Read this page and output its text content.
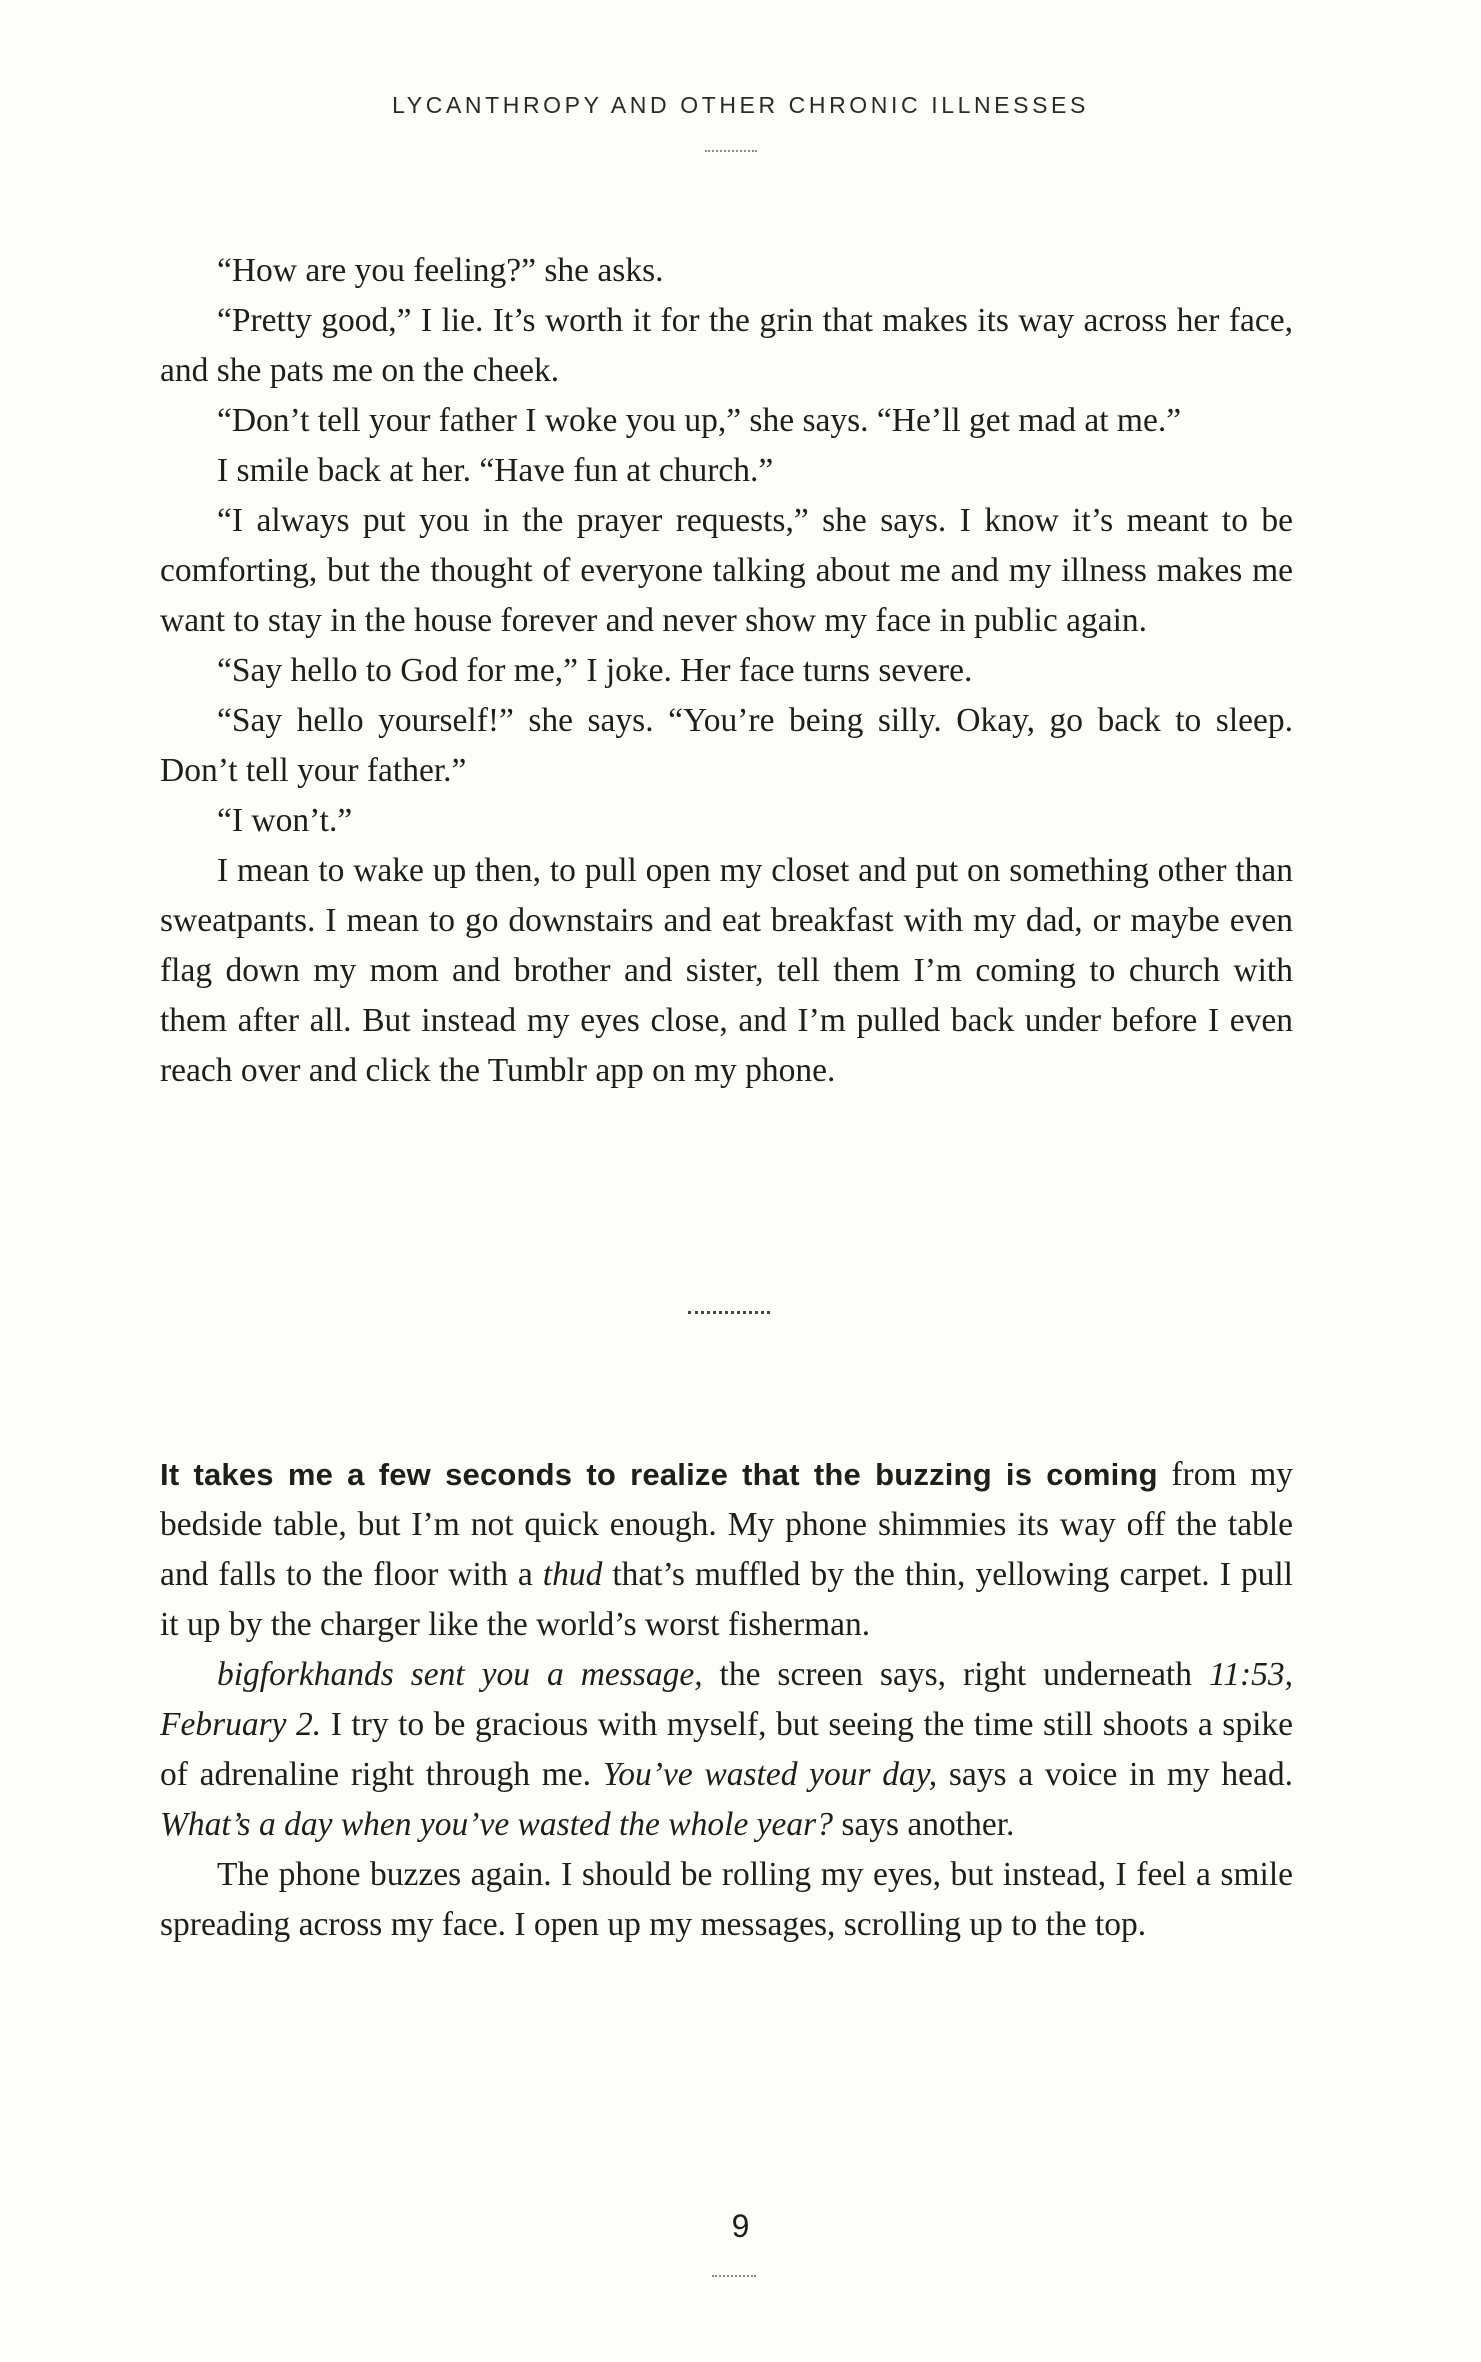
LYCANTHROPY AND OTHER CHRONIC ILLNESSES

“How are you feeling?” she asks.

“Pretty good,” I lie. It’s worth it for the grin that makes its way across her face, and she pats me on the cheek.

“Don’t tell your father I woke you up,” she says. “He’ll get mad at me.”

I smile back at her. “Have fun at church.”

“I always put you in the prayer requests,” she says. I know it’s meant to be comforting, but the thought of everyone talking about me and my illness makes me want to stay in the house forever and never show my face in public again.

“Say hello to God for me,” I joke. Her face turns severe.

“Say hello yourself!” she says. “You’re being silly. Okay, go back to sleep. Don’t tell your father.”

“I won’t.”

I mean to wake up then, to pull open my closet and put on something other than sweatpants. I mean to go downstairs and eat breakfast with my dad, or maybe even flag down my mom and brother and sister, tell them I’m coming to church with them after all. But instead my eyes close, and I’m pulled back under before I even reach over and click the Tumblr app on my phone.

It takes me a few seconds to realize that the buzzing is coming from my bedside table, but I’m not quick enough. My phone shimmies its way off the table and falls to the floor with a thud that’s muffled by the thin, yellowing carpet. I pull it up by the charger like the world’s worst fisherman.

bigforkhands sent you a message, the screen says, right underneath 11:53, February 2. I try to be gracious with myself, but seeing the time still shoots a spike of adrenaline right through me. You’ve wasted your day, says a voice in my head. What’s a day when you’ve wasted the whole year? says another.

The phone buzzes again. I should be rolling my eyes, but instead, I feel a smile spreading across my face. I open up my messages, scrolling up to the top.

9
